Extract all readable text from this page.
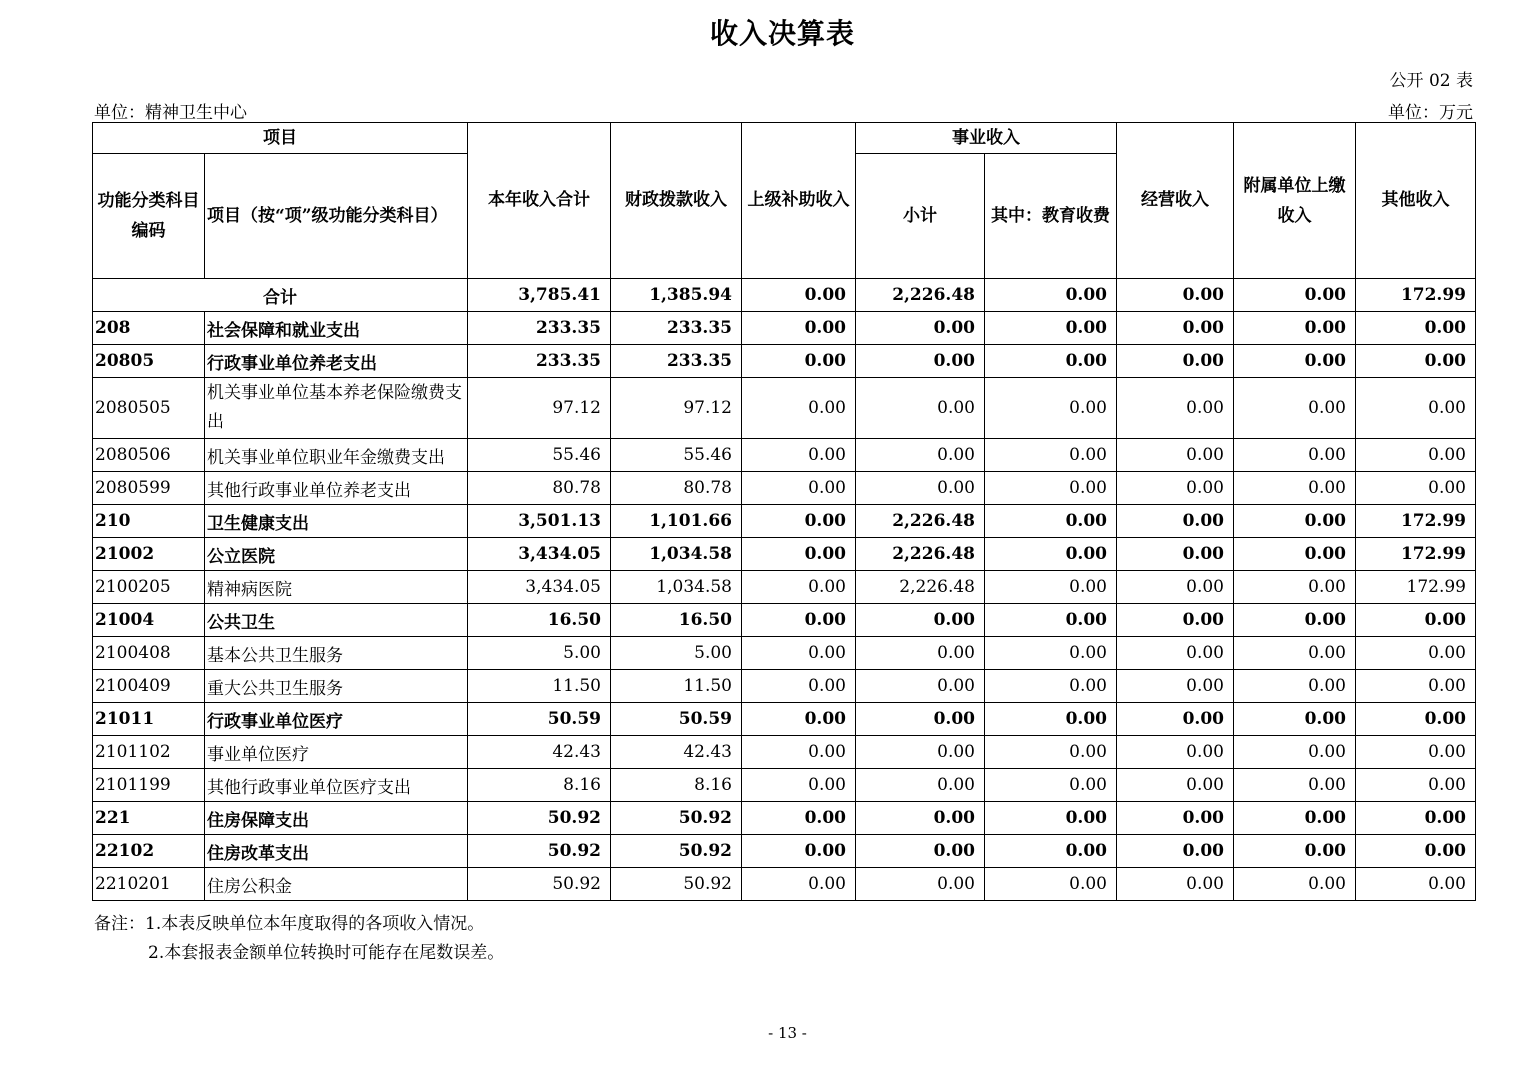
收入决算表
公开 02 表
单位：精神卫生中心	单位：万元
项目		本年收入合计	财政拨款收入	上级补助收入	事业收入		经营收入	附属单位上缴收入	其他收入
功能分类科目编码	项目（按“项”级功能分类科目）				小计	其中：教育收费			
合计		3,785.41	1,385.94	0.00	2,226.48	0.00	0.00	0.00	172.99
208	社会保障和就业支出	233.35	233.35	0.00	0.00	0.00	0.00	0.00	0.00
20805	行政事业单位养老支出	233.35	233.35	0.00	0.00	0.00	0.00	0.00	0.00
2080505	机关事业单位基本养老保险缴费支出	97.12	97.12	0.00	0.00	0.00	0.00	0.00	0.00
2080506	机关事业单位职业年金缴费支出	55.46	55.46	0.00	0.00	0.00	0.00	0.00	0.00
2080599	其他行政事业单位养老支出	80.78	80.78	0.00	0.00	0.00	0.00	0.00	0.00
210	卫生健康支出	3,501.13	1,101.66	0.00	2,226.48	0.00	0.00	0.00	172.99
21002	公立医院	3,434.05	1,034.58	0.00	2,226.48	0.00	0.00	0.00	172.99
2100205	精神病医院	3,434.05	1,034.58	0.00	2,226.48	0.00	0.00	0.00	172.99
21004	公共卫生	16.50	16.50	0.00	0.00	0.00	0.00	0.00	0.00
2100408	基本公共卫生服务	5.00	5.00	0.00	0.00	0.00	0.00	0.00	0.00
2100409	重大公共卫生服务	11.50	11.50	0.00	0.00	0.00	0.00	0.00	0.00
21011	行政事业单位医疗	50.59	50.59	0.00	0.00	0.00	0.00	0.00	0.00
2101102	事业单位医疗	42.43	42.43	0.00	0.00	0.00	0.00	0.00	0.00
2101199	其他行政事业单位医疗支出	8.16	8.16	0.00	0.00	0.00	0.00	0.00	0.00
221	住房保障支出	50.92	50.92	0.00	0.00	0.00	0.00	0.00	0.00
22102	住房改革支出	50.92	50.92	0.00	0.00	0.00	0.00	0.00	0.00
2210201	住房公积金	50.92	50.92	0.00	0.00	0.00	0.00	0.00	0.00
备注：1.本表反映单位本年度取得的各项收入情况。
2.本套报表金额单位转换时可能存在尾数误差。
- 13 -
